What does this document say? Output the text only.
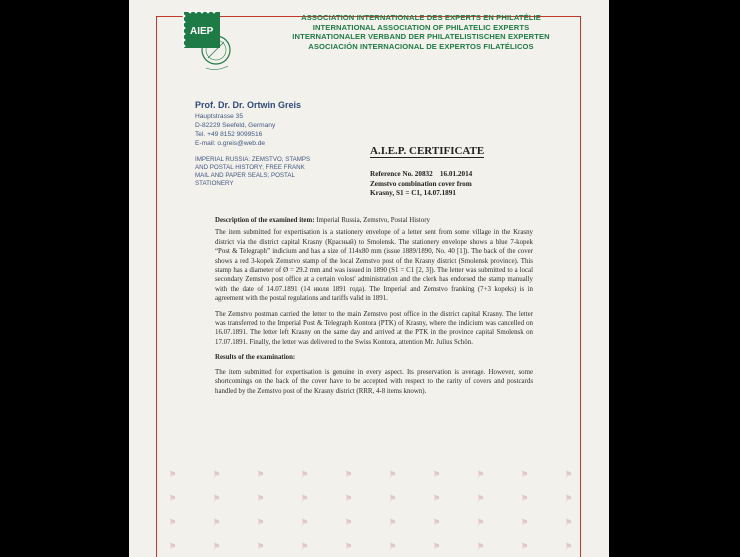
⚑	⚑	⚑	⚑	⚑	⚑	⚑	⚑	⚑	⚑
⚑	⚑	⚑	⚑	⚑	⚑	⚑	⚑	⚑	⚑
⚑	⚑	⚑	⚑	⚑	⚑	⚑	⚑	⚑	⚑
⚑	⚑	⚑	⚑	⚑	⚑	⚑	⚑	⚑	⚑
AIEP
ASSOCIATION INTERNATIONALE DES EXPERTS EN PHILATÉLIE
INTERNATIONAL ASSOCIATION OF PHILATELIC EXPERTS
INTERNATIONALER VERBAND DER PHILATELISTISCHEN EXPERTEN
ASOCIACIÓN INTERNACIONAL DE EXPERTOS FILATÉLICOS
Prof. Dr. Dr. Ortwin Greis
Hauptstrasse 35
D-82229 Seefeld, Germany
Tel. +49 8152 9099516
E-mail: o.greis@web.de
IMPERIAL RUSSIA: ZEMSTVO, STAMPS AND POSTAL HISTORY; FREE FRANK MAIL AND PAPER SEALS; POSTAL STATIONERY
A.I.E.P. CERTIFICATE
Reference No. 20832    16.01.2014
Zemstvo combination cover from
Krasny, S1 = C1, 14.07.1891
Description of the examined item: Imperial Russia, Zemstvo, Postal History

The item submitted for expertisation is a stationery envelope of a letter sent from some village in the Krasny district via the district capital Krasny (Красный) to Smolensk. The stationery envelope shows a blue 7-kopek “Post & Telegraph” indicium and has a size of 114x80 mm (issue 1889/1890, No. 40 [1]). The back of the cover shows a red 3-kopek Zemstvo stamp of the local Zemstvo post of the Krasny district (Smolensk province). This stamp has a diameter of Ø = 29.2 mm and was issued in 1890 (S1 = C1 [2, 3]). The letter was submitted to a local secondary Zemstvo post office at a certain volost' administration and the clerk has endorsed the stamp manually with the date of 14.07.1891 (14 июля 1891 года). The Imperial and Zemstvo franking (7+3 kopeks) is in agreement with the postal regulations and tariffs valid in 1891.

The Zemstvo postman carried the letter to the main Zemstvo post office in the district capital Krasny. The letter was transferred to the Imperial Post & Telegraph Kontora (PTK) of Krasny, where the indicium was cancelled on 16.07.1891. The letter left Krasny on the same day and arrived at the PTK in the province capital Smolensk on 17.07.1891. Finally, the letter was delivered to the Swiss Kontora, attention Mr. Julius Schön.

Results of the examination:

The item submitted for expertisation is genuine in every aspect. Its preservation is average. However, some shortcomings on the back of the cover have to be accepted with respect to the rarity of covers and postcards handled by the Zemstvo post of the Krasny district (RRR, 4-8 items known).
